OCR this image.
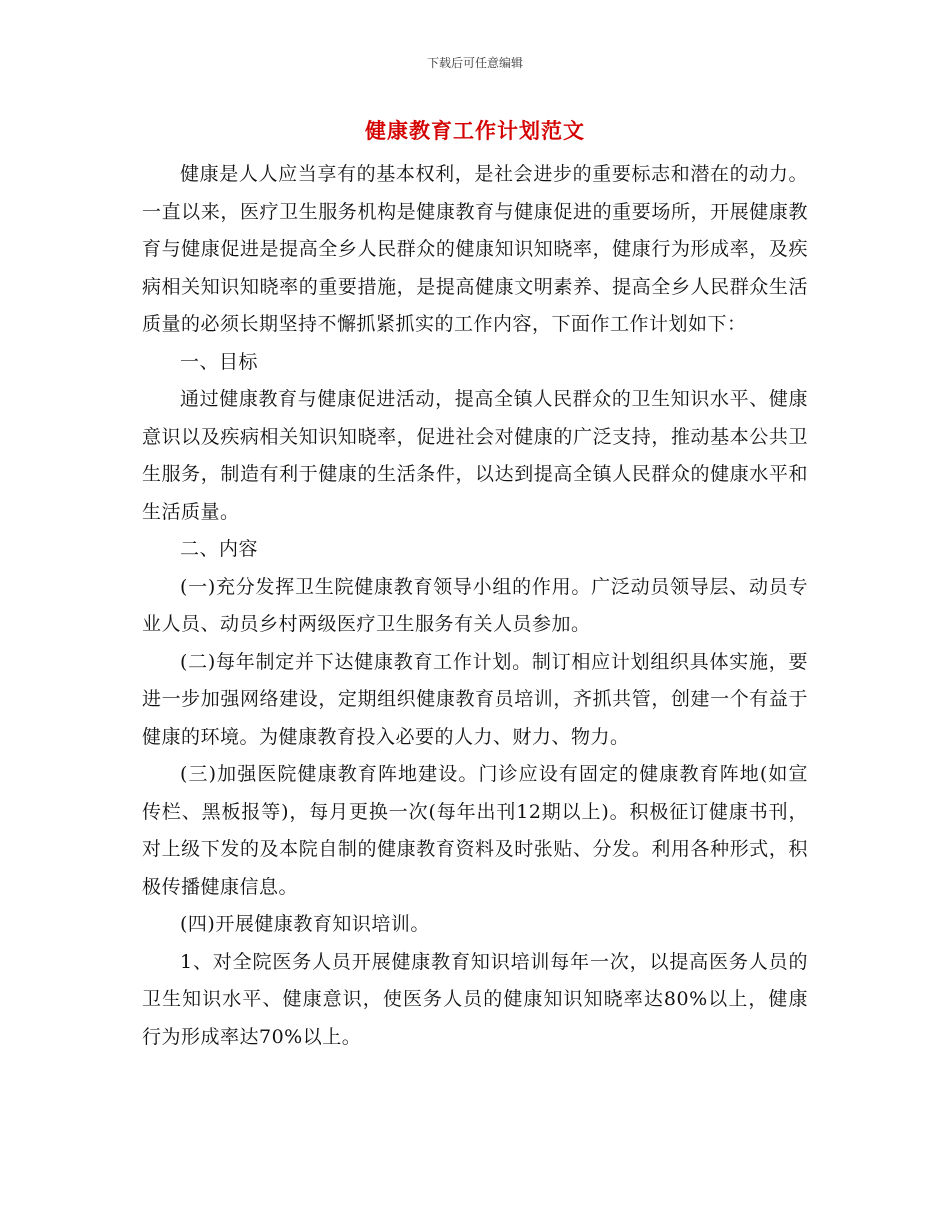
下载后可任意编辑
健康教育工作计划范文

健康是人人应当享有的基本权利，是社会进步的重要标志和潜在的动力。一直以来，医疗卫生服务机构是健康教育与健康促进的重要场所，开展健康教育与健康促进是提高全乡人民群众的健康知识知晓率，健康行为形成率，及疾病相关知识知晓率的重要措施，是提高健康文明素养、提高全乡人民群众生活质量的必须长期坚持不懈抓紧抓实的工作内容，下面作工作计划如下：

一、目标

通过健康教育与健康促进活动，提高全镇人民群众的卫生知识水平、健康意识以及疾病相关知识知晓率，促进社会对健康的广泛支持，推动基本公共卫生服务，制造有利于健康的生活条件，以达到提高全镇人民群众的健康水平和生活质量。

二、内容

(一)充分发挥卫生院健康教育领导小组的作用。广泛动员领导层、动员专业人员、动员乡村两级医疗卫生服务有关人员参加。

(二)每年制定并下达健康教育工作计划。制订相应计划组织具体实施，要进一步加强网络建设，定期组织健康教育员培训，齐抓共管，创建一个有益于健康的环境。为健康教育投入必要的人力、财力、物力。

(三)加强医院健康教育阵地建设。门诊应设有固定的健康教育阵地(如宣传栏、黑板报等)，每月更换一次(每年出刊12期以上)。积极征订健康书刊，对上级下发的及本院自制的健康教育资料及时张贴、分发。利用各种形式，积极传播健康信息。

(四)开展健康教育知识培训。

1、对全院医务人员开展健康教育知识培训每年一次，以提高医务人员的卫生知识水平、健康意识，使医务人员的健康知识知晓率达80%以上，健康行为形成率达70%以上。
